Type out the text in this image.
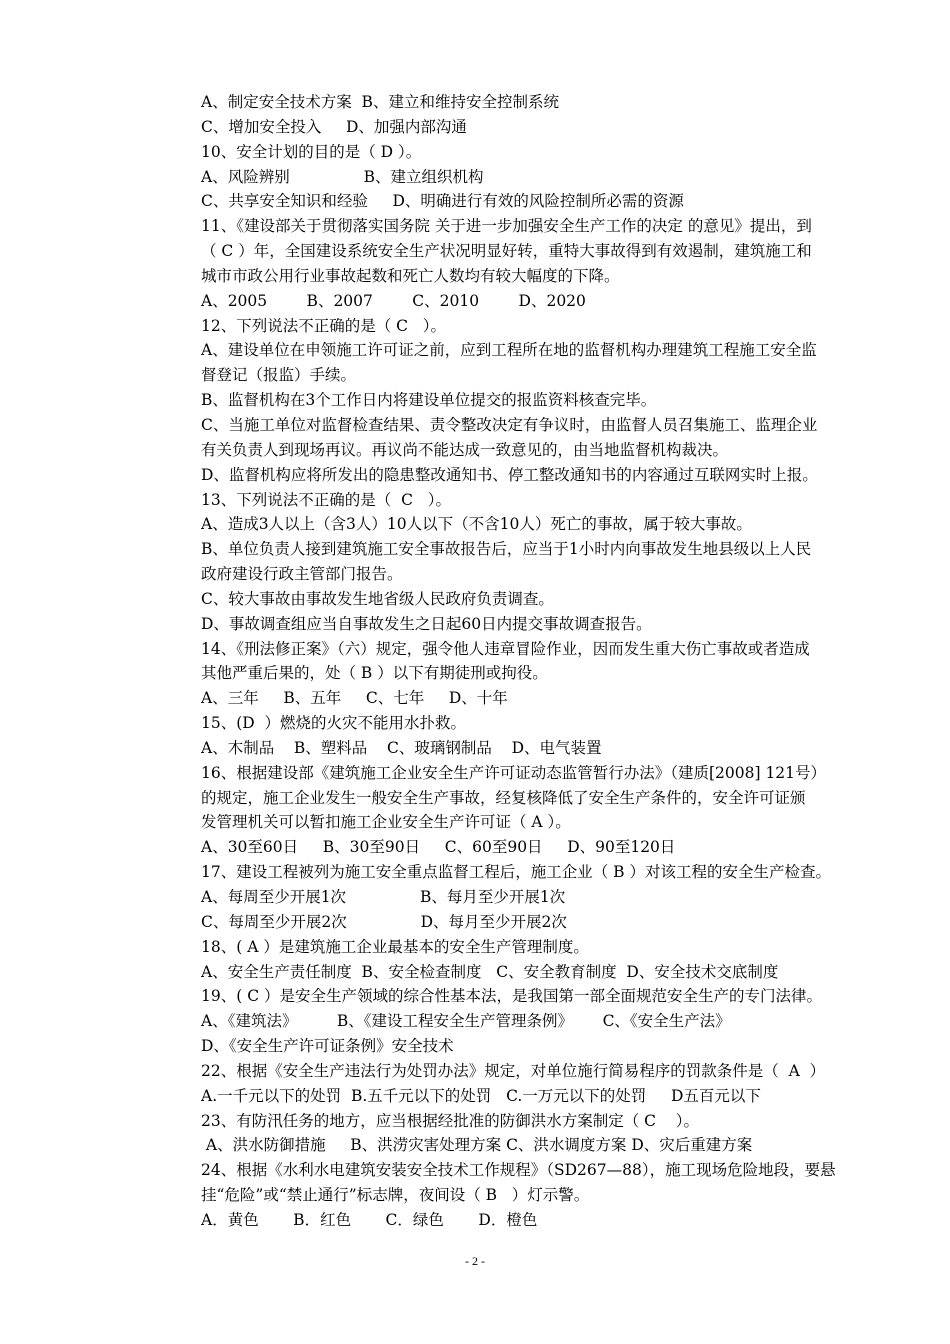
A、制定安全技术方案  B、建立和维持安全控制系统
C、增加安全投入     D、加强内部沟通
10、安全计划的目的是（ D ）。
A、风险辨别               B、建立组织机构
C、共享安全知识和经验     D、明确进行有效的风险控制所必需的资源
11、《建设部关于贯彻落实国务院 关于进一步加强安全生产工作的决定 的意见》提出，到
（ C ）年，全国建设系统安全生产状况明显好转，重特大事故得到有效遏制，建筑施工和
城市市政公用行业事故起数和死亡人数均有较大幅度的下降。
A、2005        B、2007        C、2010        D、2020
12、下列说法不正确的是（ C   ）。
A、建设单位在申领施工许可证之前，应到工程所在地的监督机构办理建筑工程施工安全监
督登记（报监）手续。
B、监督机构在3个工作日内将建设单位提交的报监资料核查完毕。
C、当施工单位对监督检查结果、责令整改决定有争议时，由监督人员召集施工、监理企业
有关负责人到现场再议。再议尚不能达成一致意见的，由当地监督机构裁决。
D、监督机构应将所发出的隐患整改通知书、停工整改通知书的内容通过互联网实时上报。
13、下列说法不正确的是（  C   ）。
A、造成3人以上（含3人）10人以下（不含10人）死亡的事故，属于较大事故。
B、单位负责人接到建筑施工安全事故报告后，应当于1小时内向事故发生地县级以上人民
政府建设行政主管部门报告。
C、较大事故由事故发生地省级人民政府负责调查。
D、事故调查组应当自事故发生之日起60日内提交事故调查报告。
14、《刑法修正案》（六）规定，强令他人违章冒险作业，因而发生重大伤亡事故或者造成
其他严重后果的，处（ B ）以下有期徒刑或拘役。
A、三年     B、五年     C、七年     D、十年
15、(D  ）燃烧的火灾不能用水扑救。
A、木制品    B、塑料品    C、玻璃钢制品    D、电气装置
16、根据建设部《建筑施工企业安全生产许可证动态监管暂行办法》（建质[2008] 121号）
的规定，施工企业发生一般安全生产事故，经复核降低了安全生产条件的，安全许可证颁
发管理机关可以暂扣施工企业安全生产许可证（ A ）。
A、30至60日     B、30至90日     C、60至90日     D、90至120日
17、建设工程被列为施工安全重点监督工程后，施工企业（ B ）对该工程的安全生产检查。
A、每周至少开展1次               B、每月至少开展1次
C、每周至少开展2次               D、每月至少开展2次
18、( A ）是建筑施工企业最基本的安全生产管理制度。
A、安全生产责任制度  B、安全检查制度   C、安全教育制度  D、安全技术交底制度
19、( C ）是安全生产领域的综合性基本法，是我国第一部全面规范安全生产的专门法律。
A、《建筑法》        B、《建设工程安全生产管理条例》      C、《安全生产法》
D、《安全生产许可证条例》安全技术
22、根据《安全生产违法行为处罚办法》规定，对单位施行简易程序的罚款条件是（  A  ）
A.一千元以下的处罚  B.五千元以下的处罚   C.一万元以下的处罚     D五百元以下
23、有防汛任务的地方，应当根据经批准的防御洪水方案制定（ C    ）。
A、洪水防御措施     B、洪涝灾害处理方案 C、洪水调度方案 D、灾后重建方案
24、根据《水利水电建筑安装安全技术工作规程》（SD267—88），施工现场危险地段，要悬
挂“危险”或“禁止通行”标志牌，夜间设（ B   ）灯示警。
A．黄色       B．红色       C．绿色       D．橙色
- 2 -
